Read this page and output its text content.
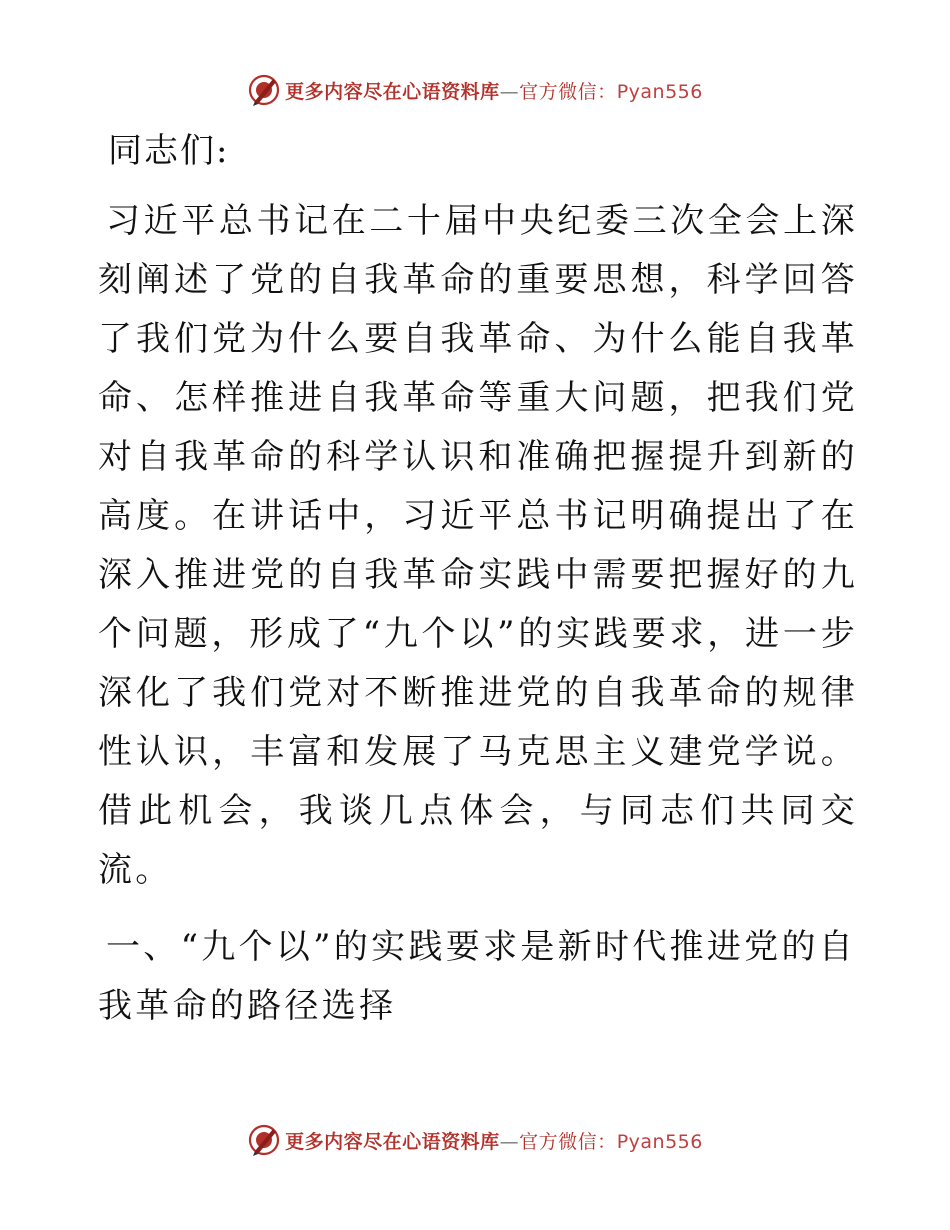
更多内容尽在心语资料库—官方微信：Pyan556

同志们:

习近平总书记在二十届中央纪委三次全会上深刻阐述了党的自我革命的重要思想，科学回答了我们党为什么要自我革命、为什么能自我革命、怎样推进自我革命等重大问题，把我们党对自我革命的科学认识和准确把握提升到新的高度。在讲话中，习近平总书记明确提出了在深入推进党的自我革命实践中需要把握好的九个问题，形成了“九个以”的实践要求，进一步深化了我们党对不断推进党的自我革命的规律性认识，丰富和发展了马克思主义建党学说。借此机会，我谈几点体会，与同志们共同交流。

一、“九个以”的实践要求是新时代推进党的自我革命的路径选择

更多内容尽在心语资料库—官方微信：Pyan556
